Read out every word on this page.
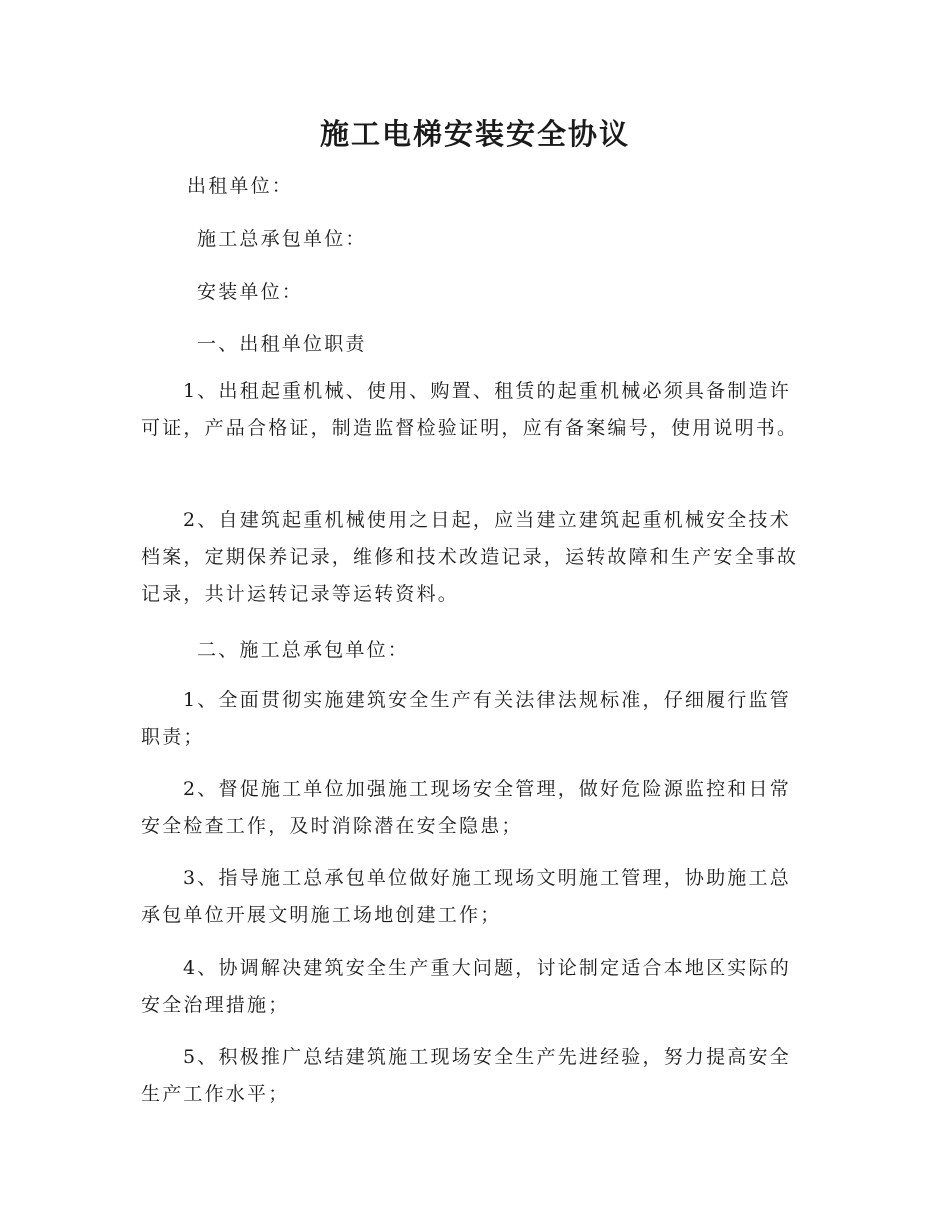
施工电梯安装安全协议
出租单位：
施工总承包单位：
安装单位：
一、出租单位职责
1、出租起重机械、使用、购置、租赁的起重机械必须具备制造许可证，产品合格证，制造监督检验证明，应有备案编号，使用说明书。
2、自建筑起重机械使用之日起，应当建立建筑起重机械安全技术档案，定期保养记录，维修和技术改造记录，运转故障和生产安全事故记录，共计运转记录等运转资料。
二、施工总承包单位：
1、全面贯彻实施建筑安全生产有关法律法规标准，仔细履行监管职责；
2、督促施工单位加强施工现场安全管理，做好危险源监控和日常安全检查工作，及时消除潜在安全隐患；
3、指导施工总承包单位做好施工现场文明施工管理，协助施工总承包单位开展文明施工场地创建工作；
4、协调解决建筑安全生产重大问题，讨论制定适合本地区实际的安全治理措施；
5、积极推广总结建筑施工现场安全生产先进经验，努力提高安全生产工作水平；
